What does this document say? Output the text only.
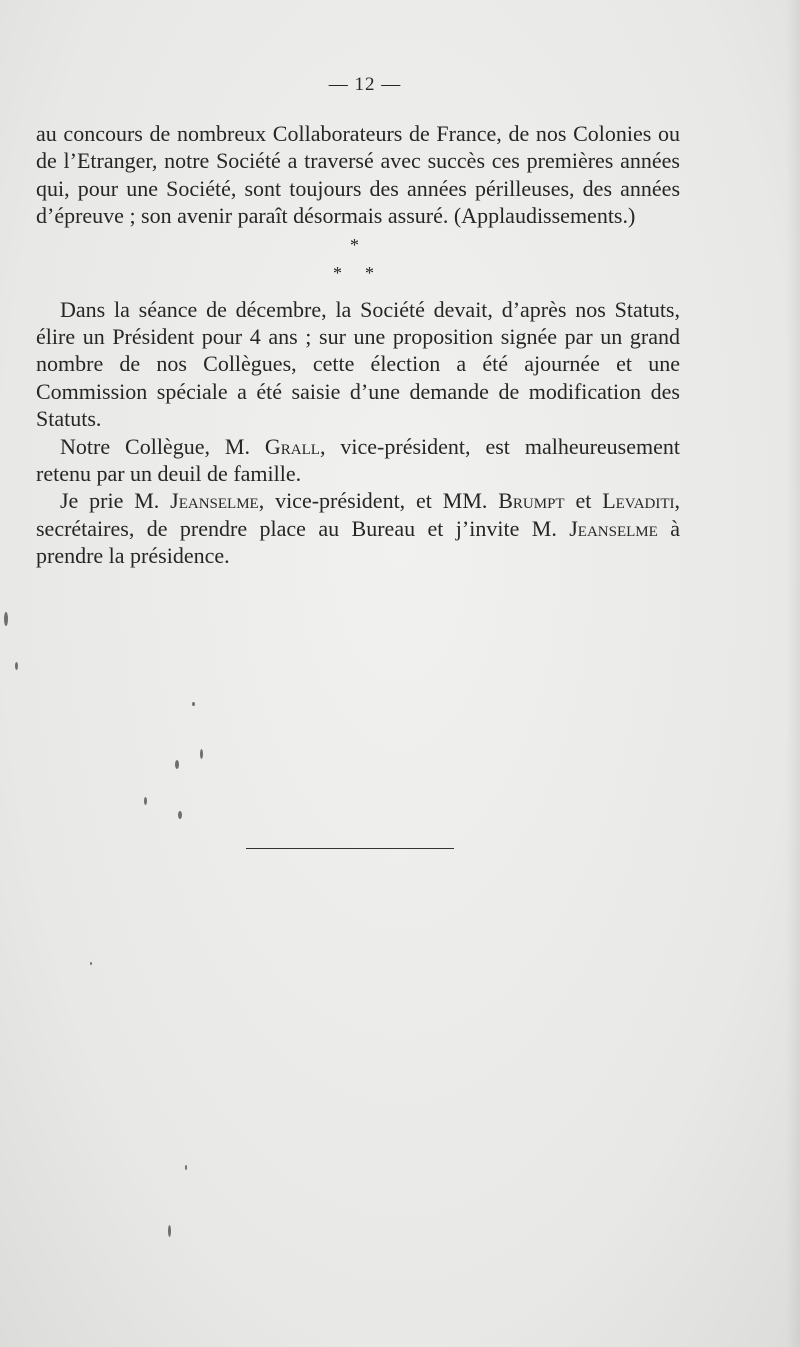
— 12 —

au concours de nombreux Collaborateurs de France, de nos Colonies ou de l’Etranger, notre Société a traversé avec succès ces premières années qui, pour une Société, sont toujours des années périlleuses, des années d’épreuve ; son avenir paraît désormais assuré. (Applaudissements.)

*
* *

Dans la séance de décembre, la Société devait, d’après nos Statuts, élire un Président pour 4 ans ; sur une proposition signée par un grand nombre de nos Collègues, cette élection a été ajournée et une Commission spéciale a été saisie d’une demande de modification des Statuts.

Notre Collègue, M. Grall, vice-président, est malheureusement retenu par un deuil de famille.

Je prie M. Jeanselme, vice-président, et MM. Brumpt et Levaditi, secrétaires, de prendre place au Bureau et j’invite M. Jeanselme à prendre la présidence.
